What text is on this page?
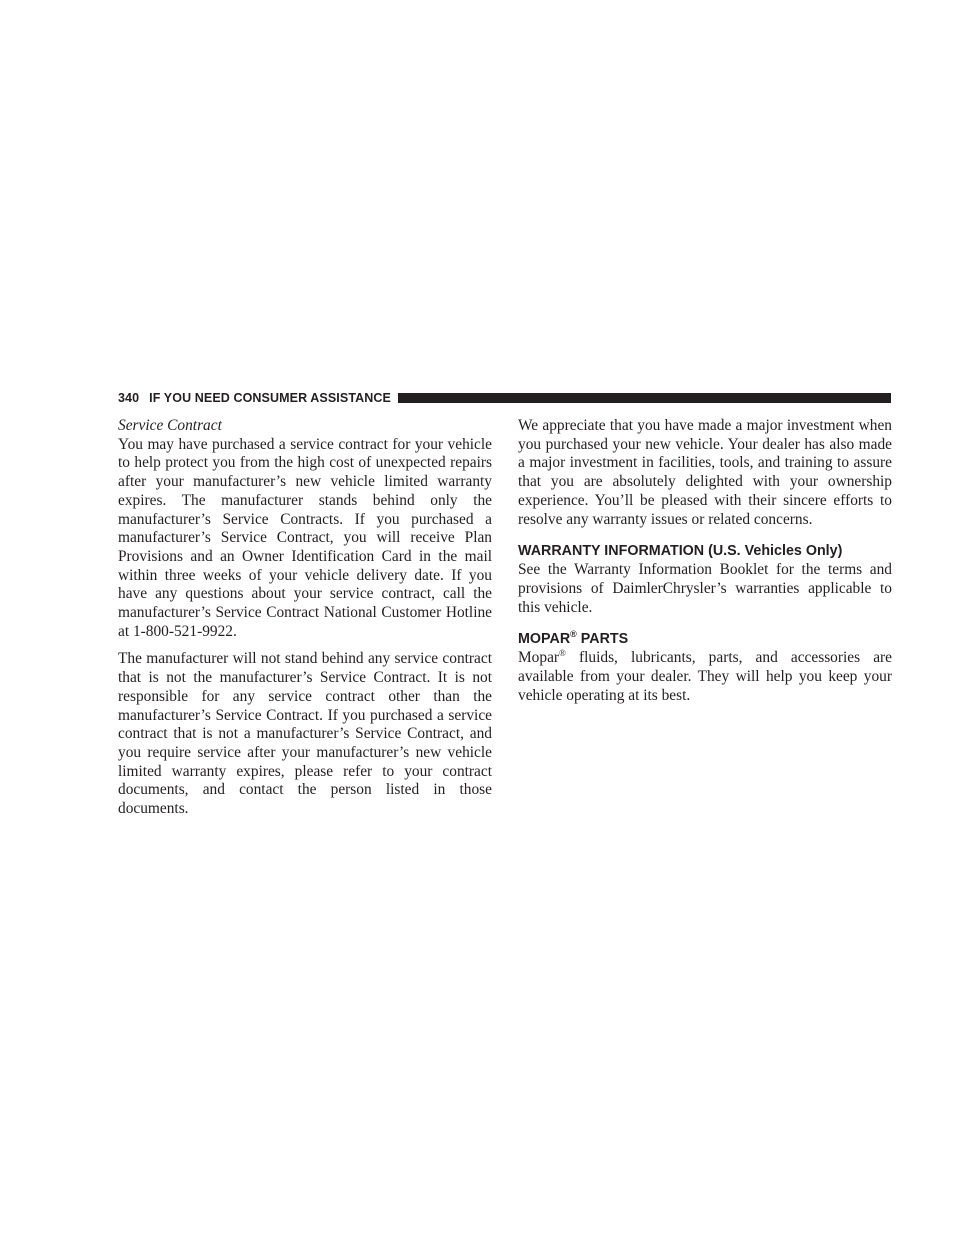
340 IF YOU NEED CONSUMER ASSISTANCE

Service Contract

You may have purchased a service contract for your vehicle to help protect you from the high cost of unexpected repairs after your manufacturer’s new vehicle limited warranty expires. The manufacturer stands behind only the manufacturer’s Service Contracts. If you purchased a manufacturer’s Service Contract, you will receive Plan Provisions and an Owner Identification Card in the mail within three weeks of your vehicle delivery date. If you have any questions about your service contract, call the manufacturer’s Service Contract National Customer Hotline at 1-800-521-9922.

The manufacturer will not stand behind any service contract that is not the manufacturer’s Service Contract. It is not responsible for any service contract other than the manufacturer’s Service Contract. If you purchased a service contract that is not a manufacturer’s Service Contract, and you require service after your manufacturer’s new vehicle limited warranty expires, please refer to your contract documents, and contact the person listed in those documents.

We appreciate that you have made a major investment when you purchased your new vehicle. Your dealer has also made a major investment in facilities, tools, and training to assure that you are absolutely delighted with your ownership experience. You’ll be pleased with their sincere efforts to resolve any warranty issues or related concerns.

WARRANTY INFORMATION (U.S. Vehicles Only)

See the Warranty Information Booklet for the terms and provisions of DaimlerChrysler’s warranties applicable to this vehicle.

MOPAR® PARTS

Mopar® fluids, lubricants, parts, and accessories are available from your dealer. They will help you keep your vehicle operating at its best.
